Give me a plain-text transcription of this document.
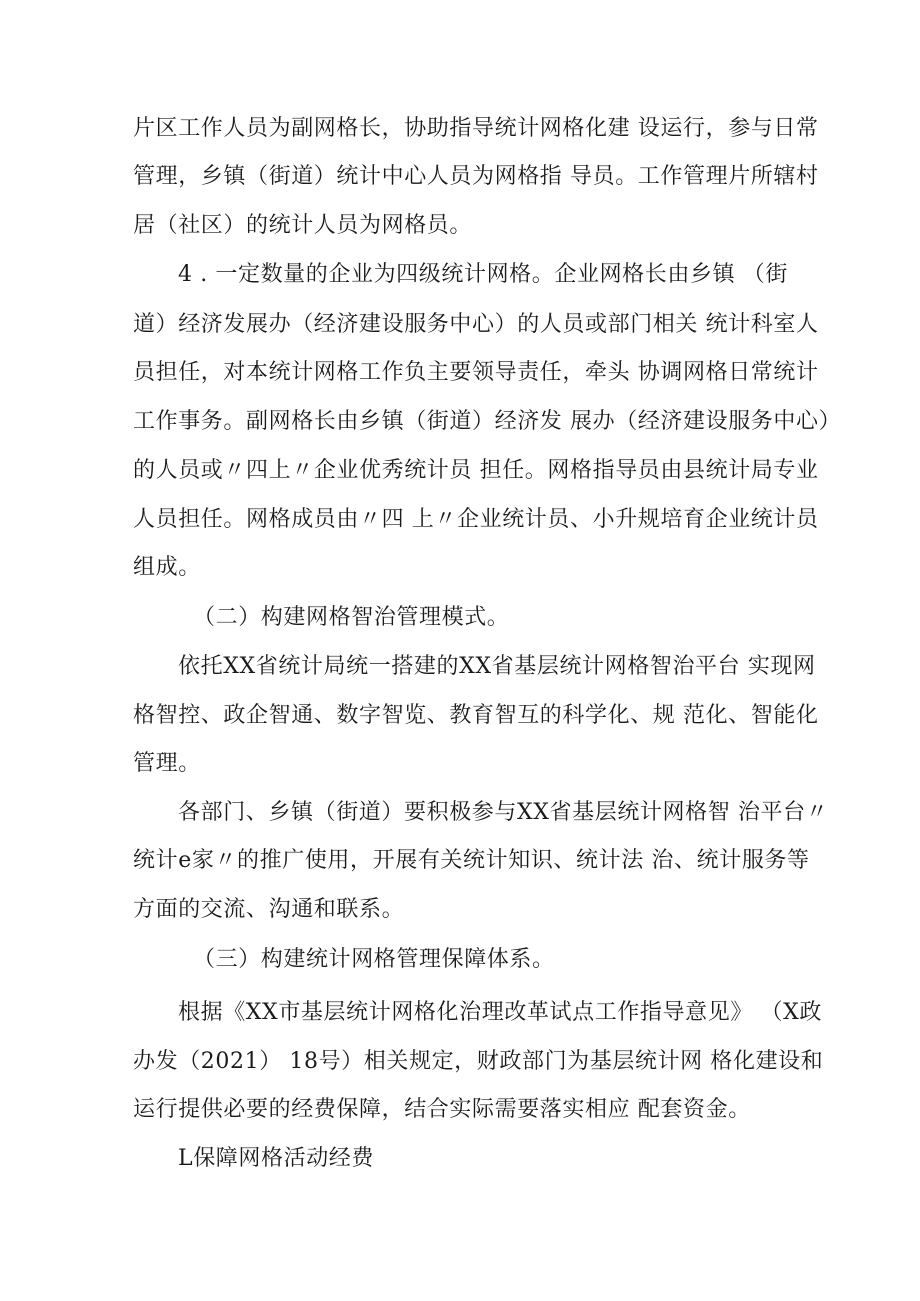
片区工作人员为副网格长，协助指导统计网格化建 设运行，参与日常
管理，乡镇（街道）统计中心人员为网格指 导员。工作管理片所辖村
居（社区）的统计人员为网格员。
4 . 一定数量的企业为四级统计网格。企业网格长由乡镇 （街
道）经济发展办（经济建设服务中心）的人员或部门相关 统计科室人
员担任，对本统计网格工作负主要领导责任，牵头 协调网格日常统计
工作事务。副网格长由乡镇（街道）经济发 展办（经济建设服务中心）
的人员或〃四上〃企业优秀统计员 担任。网格指导员由县统计局专业
人员担任。网格成员由〃四 上〃企业统计员、小升规培育企业统计员
组成。
（二）构建网格智治管理模式。
依托XX省统计局统一搭建的XX省基层统计网格智治平台 实现网
格智控、政企智通、数字智览、教育智互的科学化、规 范化、智能化
管理。
各部门、乡镇（街道）要积极参与XX省基层统计网格智 治平台〃
统计e家〃的推广使用，开展有关统计知识、统计法 治、统计服务等
方面的交流、沟通和联系。
（三）构建统计网格管理保障体系。
根据《XX市基层统计网格化治理改革试点工作指导意见》 （X政
办发（2021） 18号）相关规定，财政部门为基层统计网 格化建设和
运行提供必要的经费保障，结合实际需要落实相应 配套资金。
L保障网格活动经费
